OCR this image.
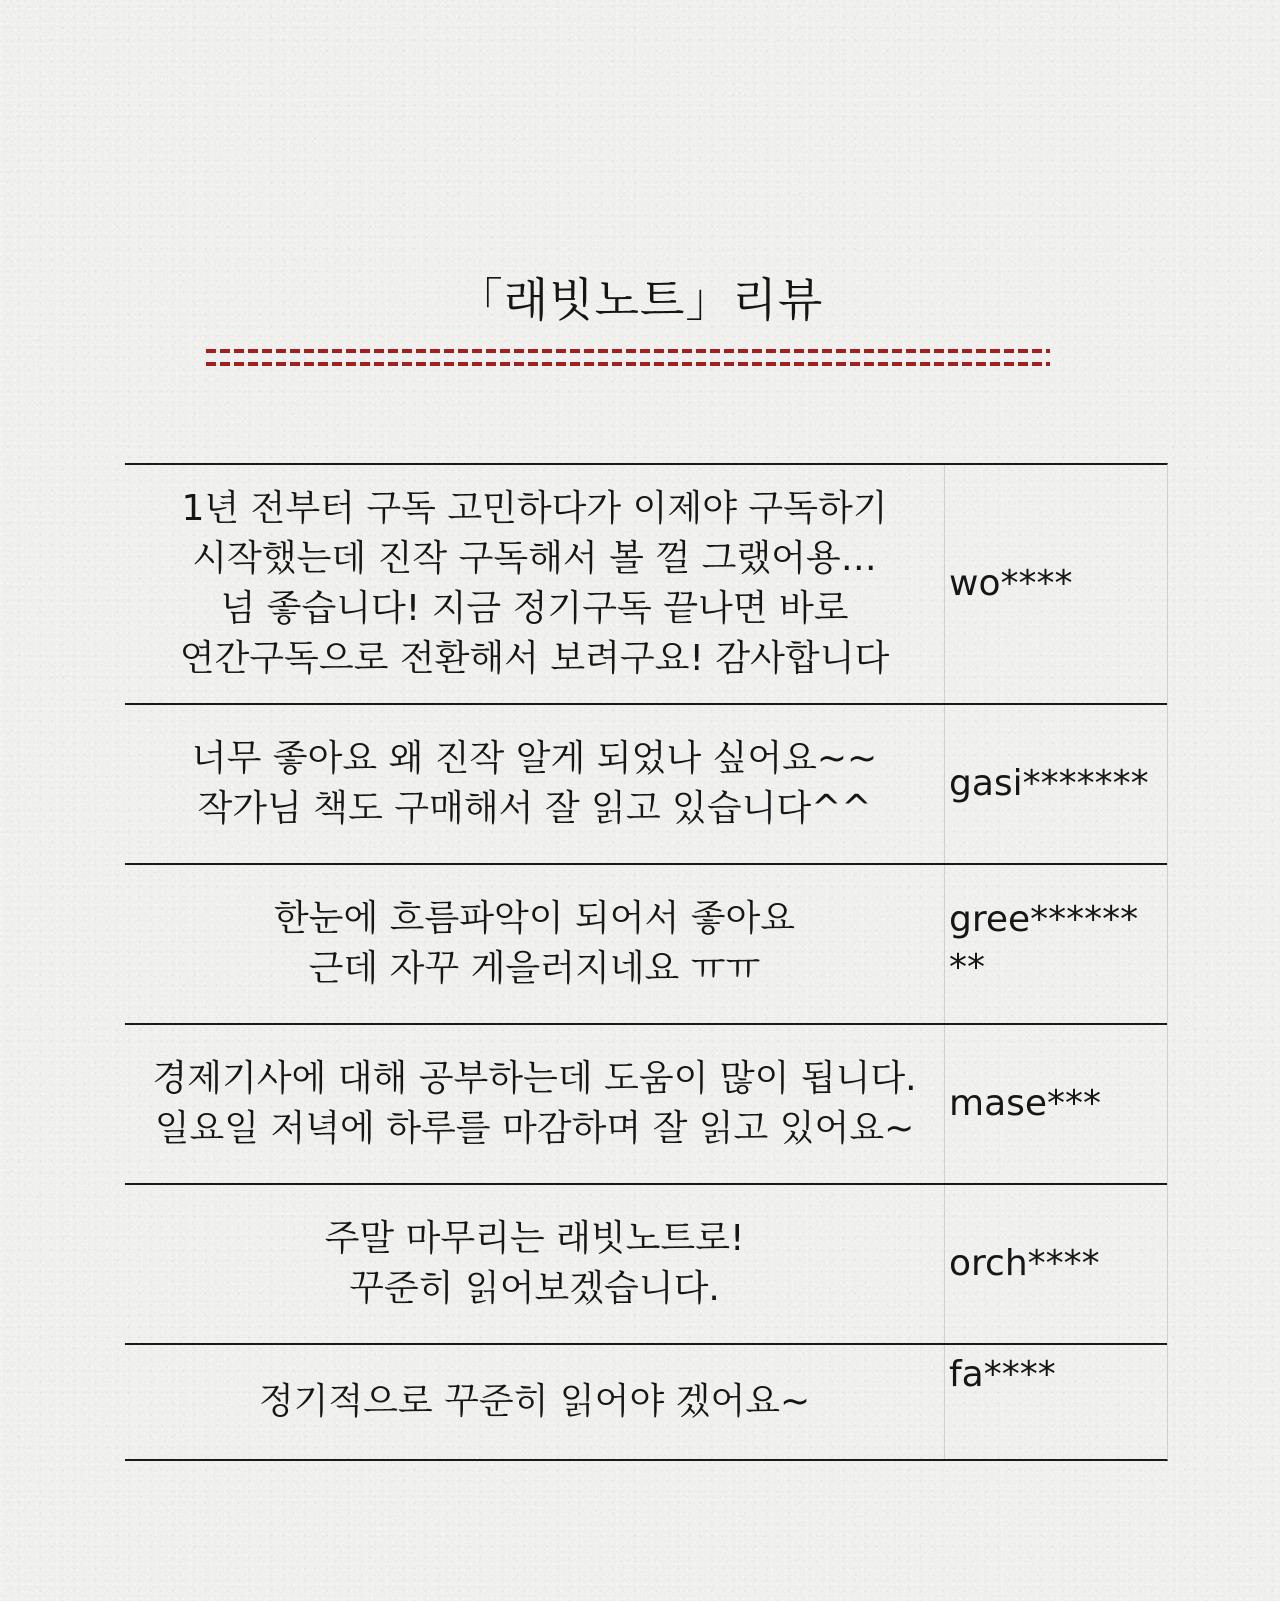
「래빗노트」리뷰
1년 전부터 구독 고민하다가 이제야 구독하기
시작했는데 진작 구독해서 볼 껄 그랬어용…
넘 좋습니다! 지금 정기구독 끝나면 바로
연간구독으로 전환해서 보려구요! 감사합니다
wo****
너무 좋아요 왜 진작 알게 되었나 싶어요~~
작가님 책도 구매해서 잘 읽고 있습니다^^
gasi*******
한눈에 흐름파악이 되어서 좋아요
근데 자꾸 게을러지네요 ㅠㅠ
gree********
경제기사에 대해 공부하는데 도움이 많이 됩니다.
일요일 저녁에 하루를 마감하며 잘 읽고 있어요~
mase***
주말 마무리는 래빗노트로!
꾸준히 읽어보겠습니다.
orch****
정기적으로 꾸준히 읽어야 겠어요~
fa****
